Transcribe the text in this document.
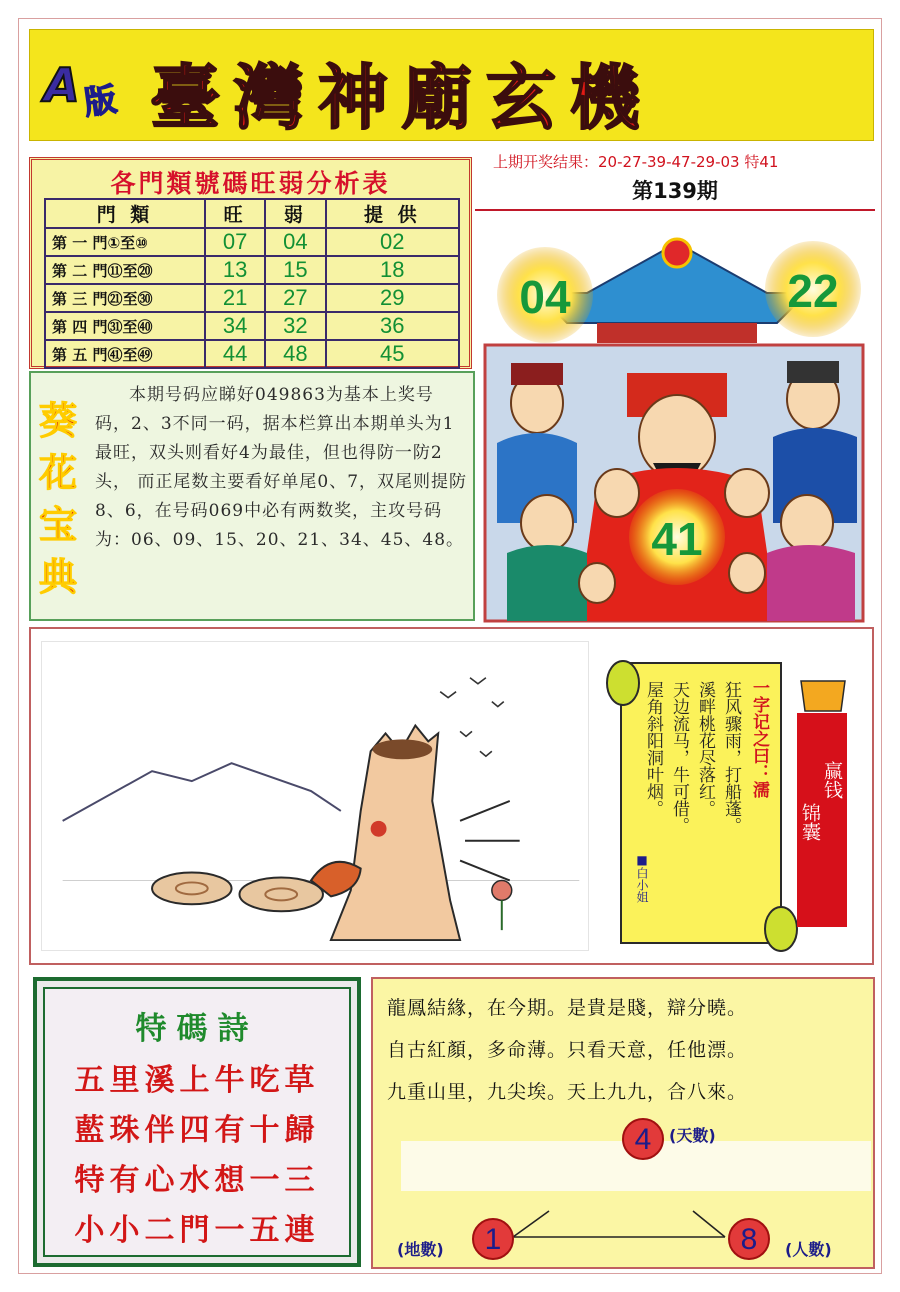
A 版 臺灣神廟玄機
各門類號碼旺弱分析表
門 類	旺	弱	提 供
第 一 門①至⑩	07	04	02
第 二 門⑪至⑳	13	15	18
第 三 門㉑至㉚	21	27	29
第 四 門㉛至㊵	34	32	36
第 五 門㊶至㊾	44	48	45
上期开奖结果：20-27-39-47-29-03 特41
第139期
04	22
41
葵花宝典
本期号码应睇好049863为基本上奖号码，2、3不同一码，据本栏算出本期单头为1最旺，双头则看好4为最佳，但也得防一防2头， 而正尾数主要看好单尾0、7，双尾则提防8、6，在号码069中必有两数奖，主攻号码为：06、09、15、20、21、34、45、48。
一字记之曰：濡
狂风骤雨，打船蓬。
溪畔桃花尽落红。
天边流马，牛可借。
屋角斜阳洞叶烟。
■白小姐
赢钱
锦囊
特碼詩

五里溪上牛吃草

藍珠伴四有十歸

特有心水想一三

小小二門一五連

龍鳳結緣，在今期。是貴是賤，辯分曉。
自古紅顏，多命薄。只看天意，任他漂。
九重山里，九尖埃。天上九九，合八來。
4
1	8
(天數)
(地數)	(人數)
